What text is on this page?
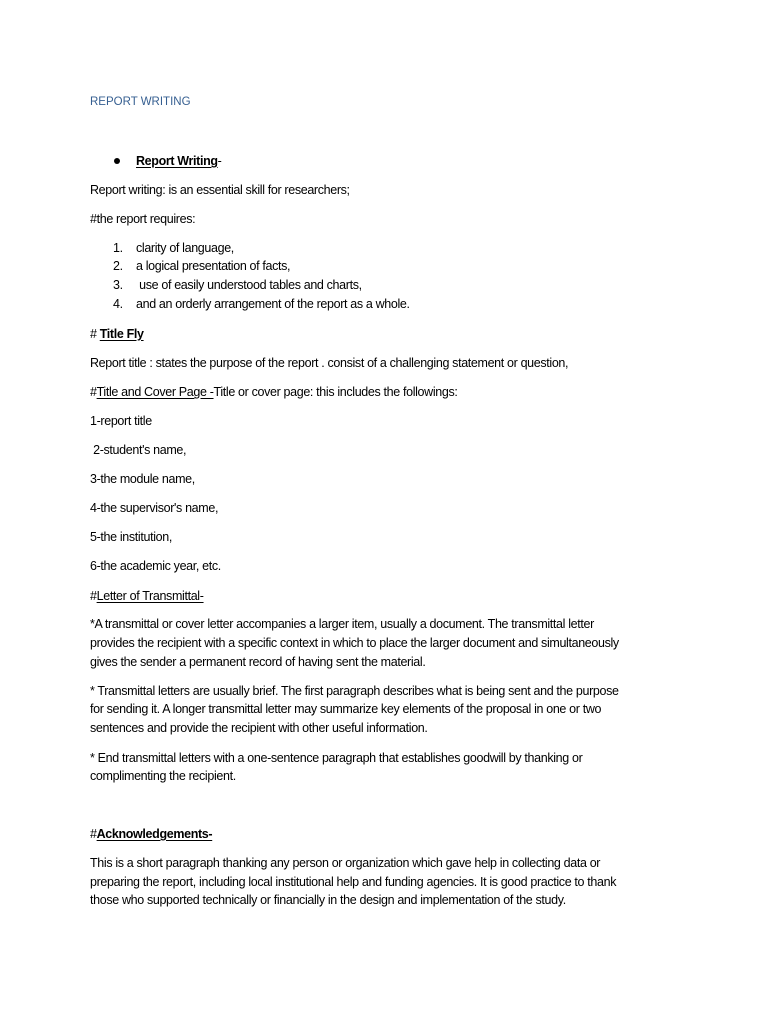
REPORT WRITING
Report Writing-
Report writing: is an essential skill for researchers;
#the report requires:
1. clarity of language,
2. a logical presentation of facts,
3. use of easily understood tables and charts,
4. and an orderly arrangement of the report as a whole.
# Title Fly
Report title : states the purpose of the report . consist of a challenging statement or question,
#Title and Cover Page -Title or cover page: this includes the followings:
1-report title
2-student's name,
3-the module name,
4-the supervisor's name,
5-the institution,
6-the academic year, etc.
#Letter of Transmittal-
*A transmittal or cover letter accompanies a larger item, usually a document. The transmittal letter
provides the recipient with a specific context in which to place the larger document and simultaneously
gives the sender a permanent record of having sent the material.
* Transmittal letters are usually brief. The first paragraph describes what is being sent and the purpose
for sending it. A longer transmittal letter may summarize key elements of the proposal in one or two
sentences and provide the recipient with other useful information.
* End transmittal letters with a one-sentence paragraph that establishes goodwill by thanking or
complimenting the recipient.
#Acknowledgements-
This is a short paragraph thanking any person or organization which gave help in collecting data or
preparing the report, including local institutional help and funding agencies. It is good practice to thank
those who supported technically or financially in the design and implementation of the study.
